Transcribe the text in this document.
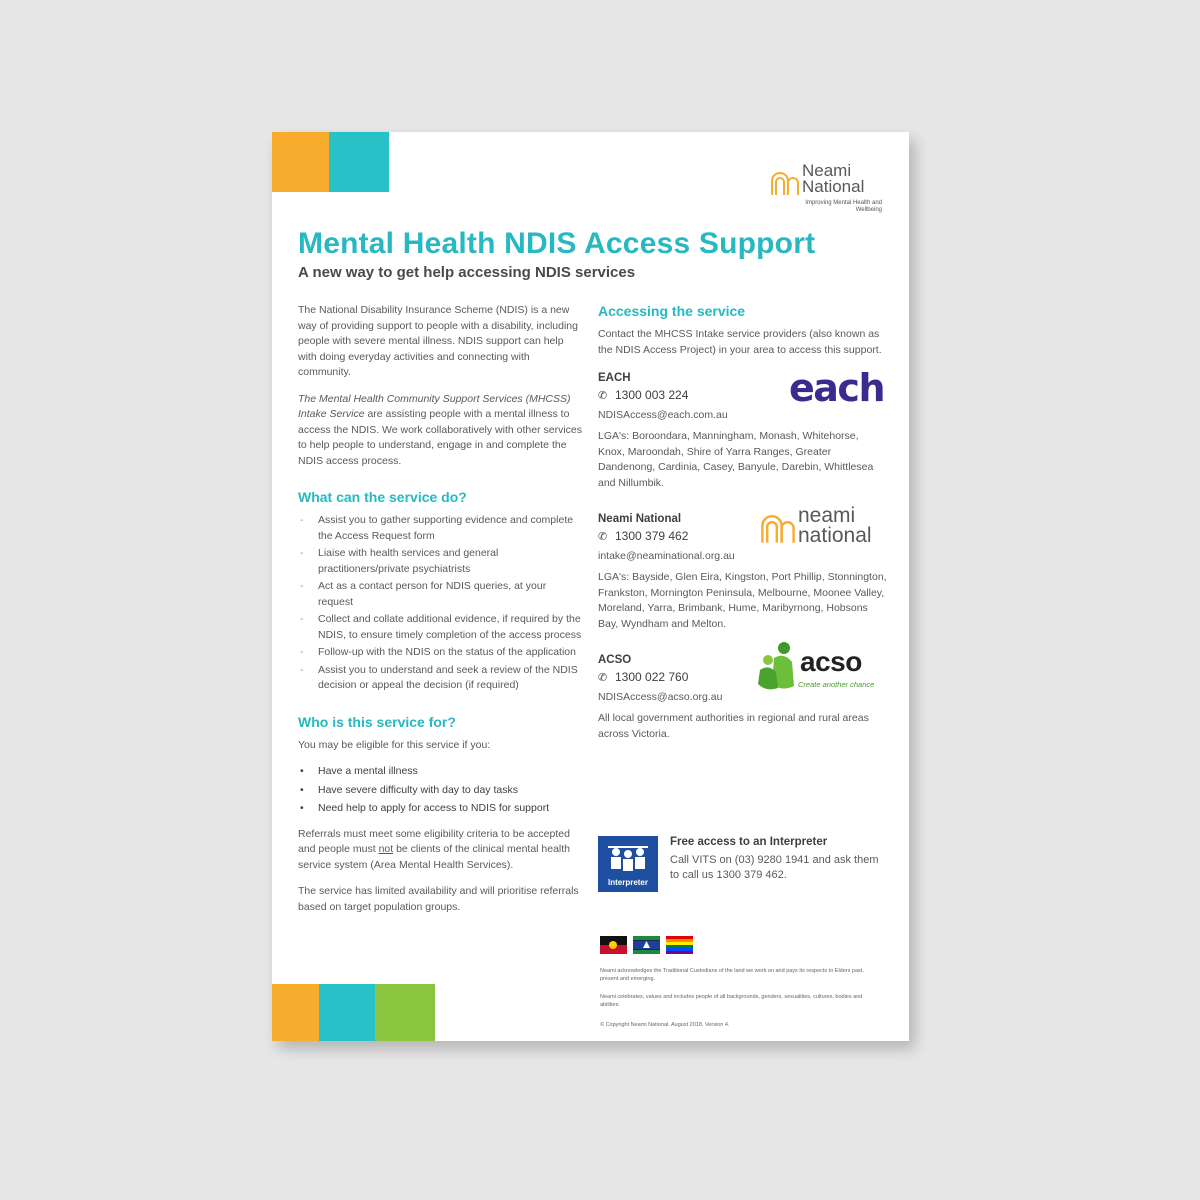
Neami
National
Improving Mental Health and Wellbeing
Mental Health NDIS Access Support
A new way to get help accessing NDIS services

The National Disability Insurance Scheme (NDIS) is a new way of providing support to people with a disability, including people with severe mental illness. NDIS support can help with doing everyday activities and connecting with community.

The Mental Health Community Support Services (MHCSS) Intake Service are assisting people with a mental illness to access the NDIS. We work collaboratively with other services to help people to understand, engage in and complete the NDIS access process.

What can the service do?
- Assist you to gather supporting evidence and complete the Access Request form
- Liaise with health services and general practitioners/private psychiatrists
- Act as a contact person for NDIS queries, at your request
- Collect and collate additional evidence, if required by the NDIS, to ensure timely completion of the access process
- Follow-up with the NDIS on the status of the application
- Assist you to understand and seek a review of the NDIS decision or appeal the decision (if required)
Who is this service for?

You may be eligible for this service if you:

• Have a mental illness
• Have severe difficulty with day to day tasks
• Need help to apply for access to NDIS for support

Referrals must meet some eligibility criteria to be accepted and people must not be clients of the clinical mental health service system (Area Mental Health Services).

The service has limited availability and will prioritise referrals based on target population groups.

Accessing the service

Contact the MHCSS Intake service providers (also known as the NDIS Access Project) in your area to access this support.

each
EACH
✆ 1300 003 224
NDISAccess@each.com.au
LGA's: Boroondara, Manningham, Monash, Whitehorse, Knox, Maroondah, Shire of Yarra Ranges, Greater Dandenong, Cardinia, Casey, Banyule, Darebin, Whittlesea and Nillumbik.
neami
national
Neami National
✆ 1300 379 462
intake@neaminational.org.au
LGA's: Bayside, Glen Eira, Kingston, Port Phillip, Stonnington, Frankston, Mornington Peninsula, Melbourne, Moonee Valley, Moreland, Yarra, Brimbank, Hume, Maribyrnong, Hobsons Bay, Wyndham and Melton.
acso
Create another chance
ACSO
✆ 1300 022 760
NDISAccess@acso.org.au
All local government authorities in regional and rural areas across Victoria.
Interpreter
Free access to an Interpreter
Call VITS on (03) 9280 1941 and ask them to call us 1300 379 462.
Neami acknowledges the Traditional Custodians of the land we work on and pays its respects to Elders past, present and emerging.
Neami celebrates, values and includes people of all backgrounds, genders, sexualities, cultures, bodies and abilities.
© Copyright Neami National. August 2018. Version 4.
